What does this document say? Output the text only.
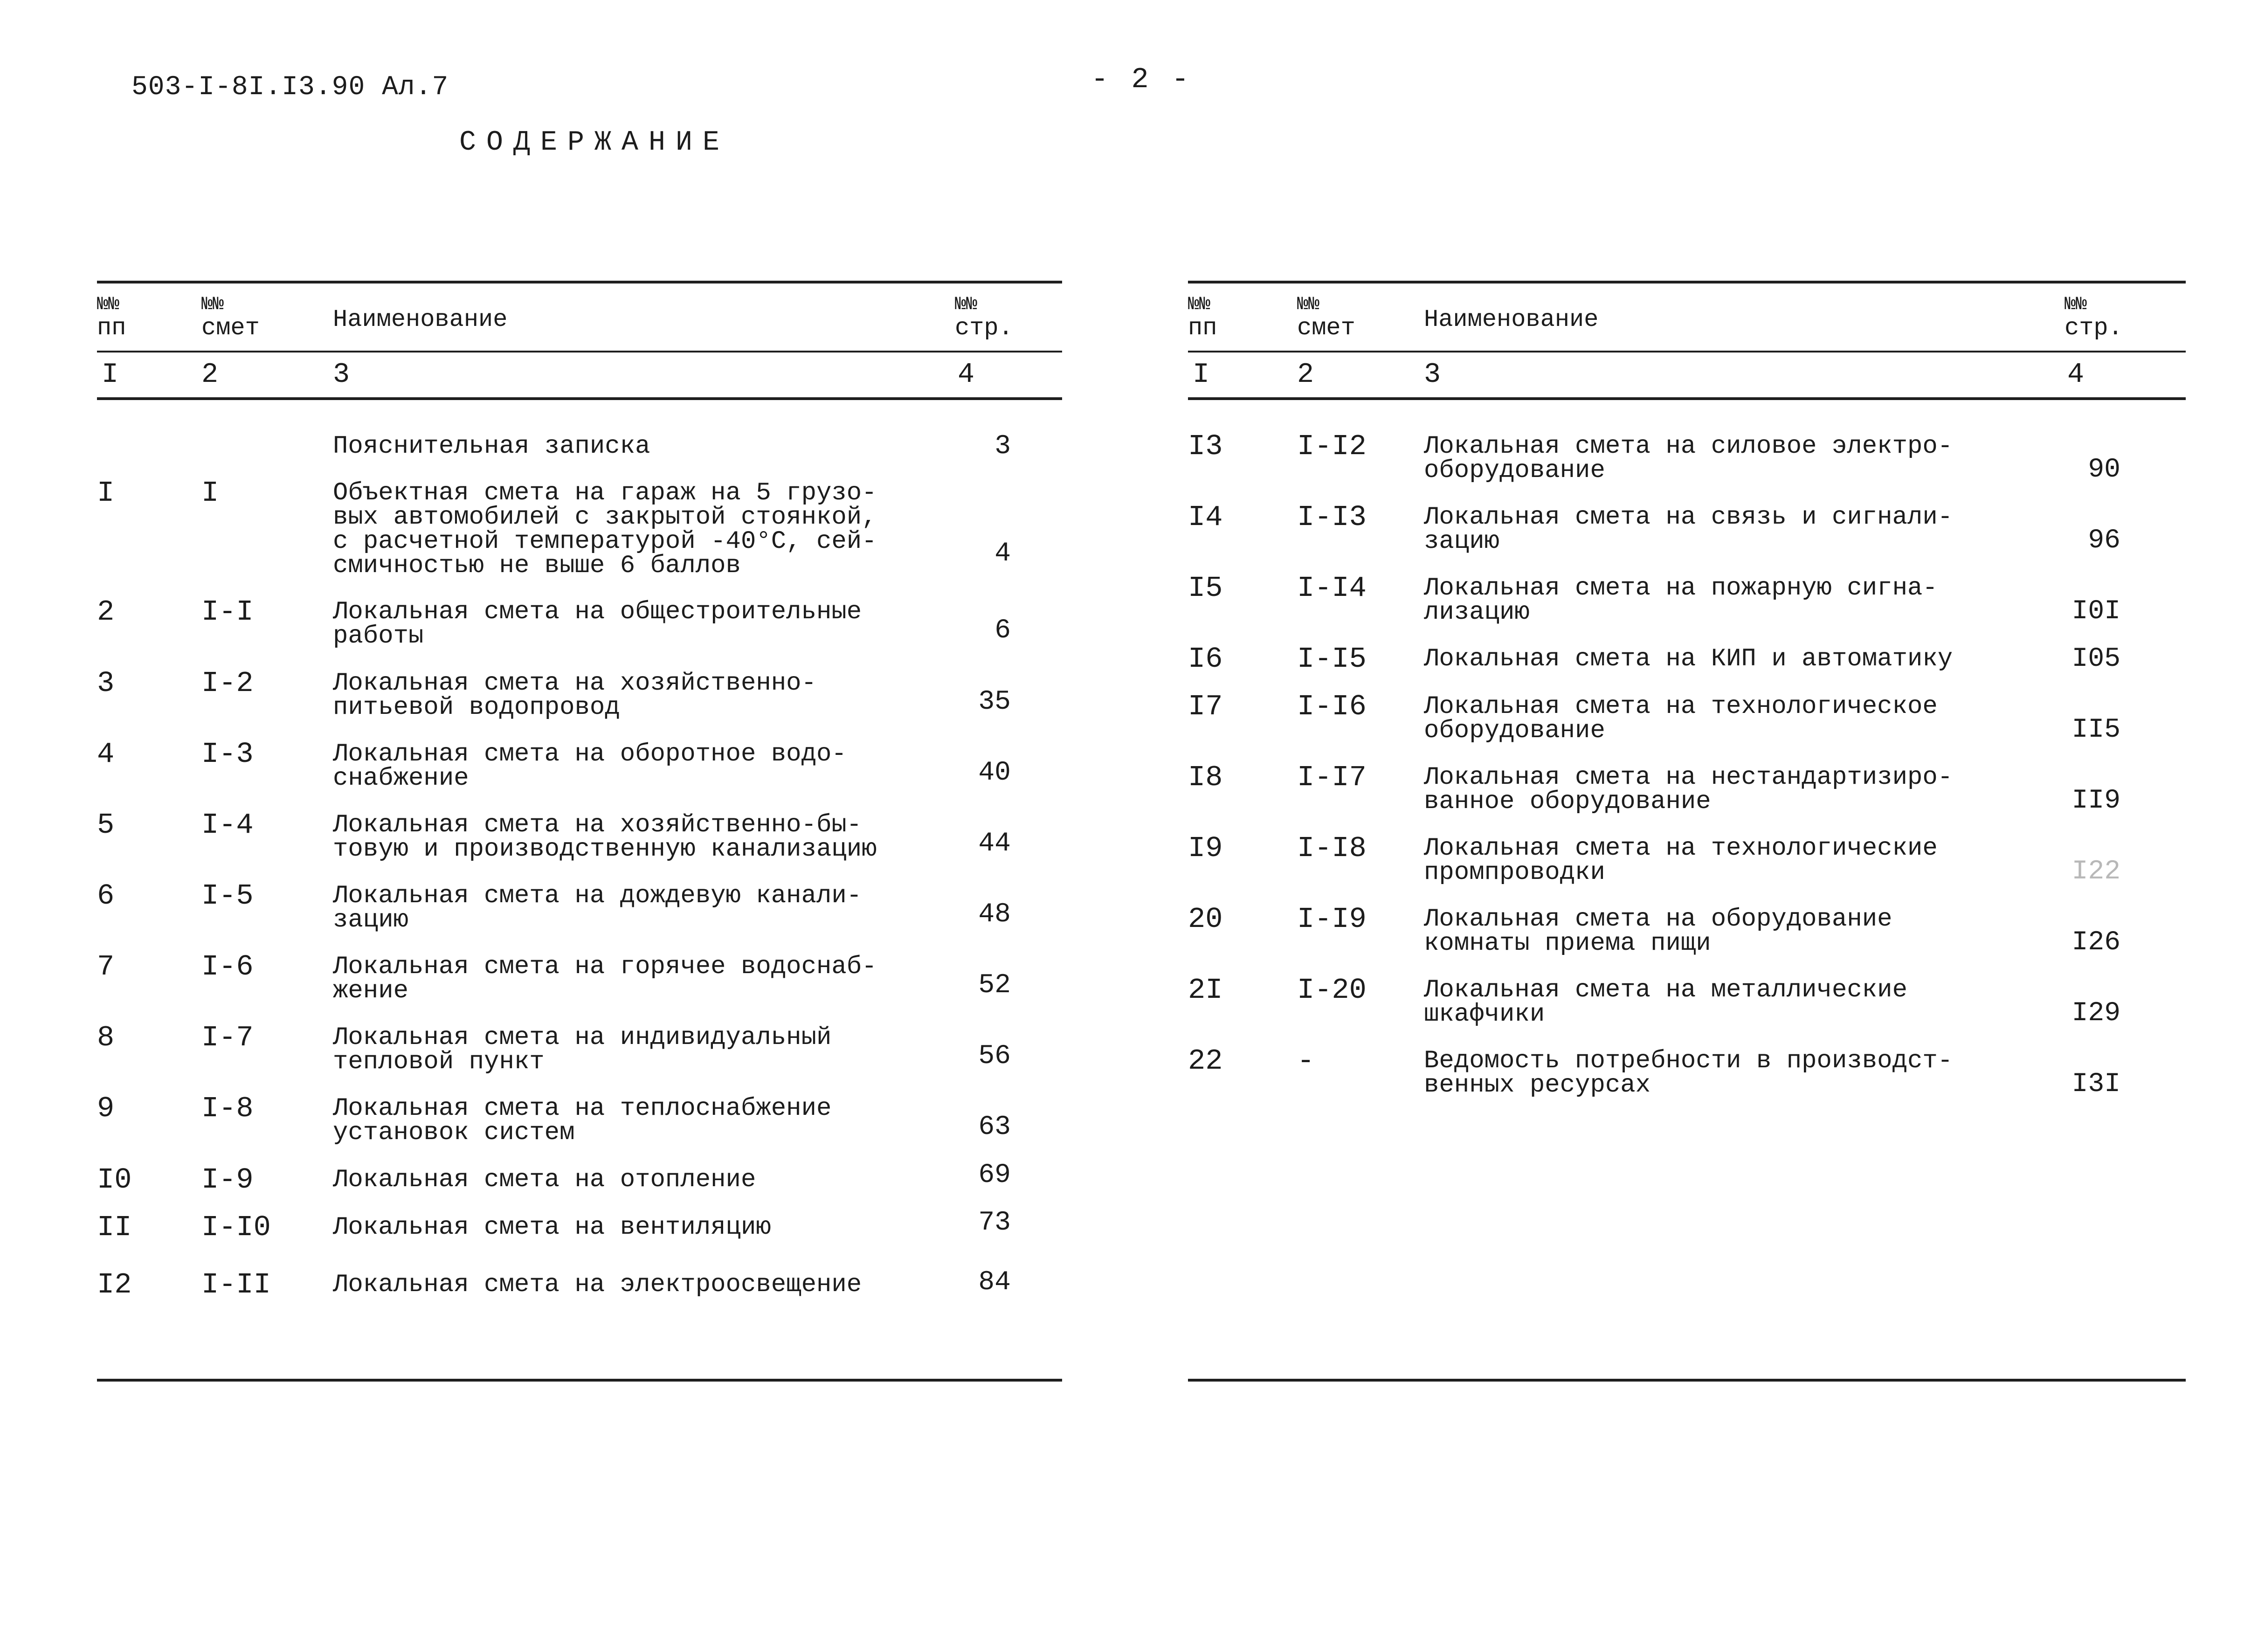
503-I-8I.I3.90 Ал.7	- 2 -
СОДЕРЖАНИЕ
№№
пп
№№
смет	Наименование
№№
стр.
I	2	3	4
Пояснительная записка	3
I	I	Объектная смета на гараж на 5 грузо-
вых автомобилей с закрытой стоянкой,
с расчетной температурой -40°С, сей-
смичностью не выше 6 баллов	4
2	I-I	Локальная смета на общестроительные
работы	6
3	I-2	Локальная смета на хозяйственно-
питьевой водопровод	35
4	I-3	Локальная смета на оборотное водо-
снабжение	40
5	I-4	Локальная смета на хозяйственно-бы-
товую и производственную канализацию	44
6	I-5	Локальная смета на дождевую канали-
зацию	48
7	I-6	Локальная смета на горячее водоснаб-
жение	52
8	I-7	Локальная смета на индивидуальный
тепловой пункт	56
9	I-8	Локальная смета на теплоснабжение
установок систем	63
I0 I-9	Локальная смета на отопление	69
II I-I0 Локальная смета на вентиляцию	73
I2 I-II Локальная смета на электроосвещение	84
№№
пп
№№
смет	Наименование
№№
стр.
I	2	3	4
I3	I-I2 Локальная смета на силовое электро-
оборудование	90
I4	I-I3 Локальная смета на связь и сигнали-
зацию	96
I5	I-I4 Локальная смета на пожарную сигна-
лизацию	I0I
I6	I-I5 Локальная смета на КИП и автоматику	I05
I7	I-I6 Локальная смета на технологическое
оборудование	II5
I8	I-I7 Локальная смета на нестандартизиро-
ванное оборудование	II9
I9	I-I8 Локальная смета на технологические
промпроводки	I22
20	I-I9 Локальная смета на оборудование
комнаты приема пищи	I26
2I	I-20 Локальная смета на металлические
шкафчики	I29
22	-	Ведомость потребности в производст-
венных ресурсах	I3I
